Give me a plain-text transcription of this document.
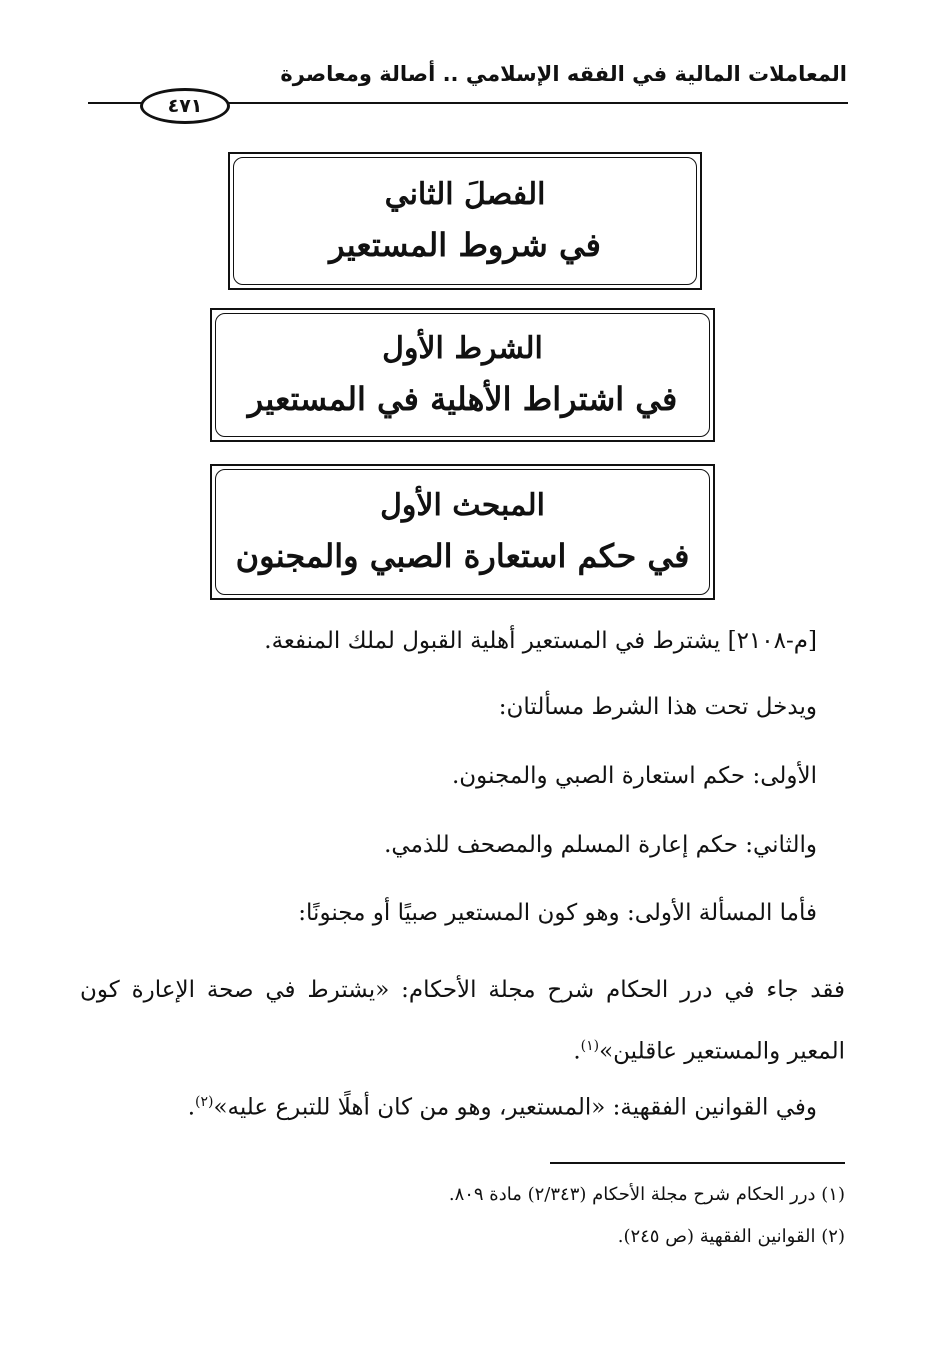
المعاملات المالية في الفقه الإسلامي .. أصالة ومعاصرة
٤٧١
الفصلَ الثاني
في شروط المستعير
الشرط الأول
في اشتراط الأهلية في المستعير
المبحث الأول
في حكم استعارة الصبي والمجنون
[م-٢١٠٨] يشترط في المستعير أهلية القبول لملك المنفعة.
ويدخل تحت هذا الشرط مسألتان:
الأولى: حكم استعارة الصبي والمجنون.
والثاني: حكم إعارة المسلم والمصحف للذمي.
فأما المسألة الأولى: وهو كون المستعير صبيًا أو مجنونًا:
فقد جاء في درر الحكام شرح مجلة الأحكام: «يشترط في صحة الإعارة كون المعير والمستعير عاقلين»$^{(١)}$.
وفي القوانين الفقهية: «المستعير، وهو من كان أهلًا للتبرع عليه»$^{(٢)}$.
(١) درر الحكام شرح مجلة الأحكام (٢/٣٤٣) مادة ٨٠٩.
(٢) القوانين الفقهية (ص ٢٤٥).
